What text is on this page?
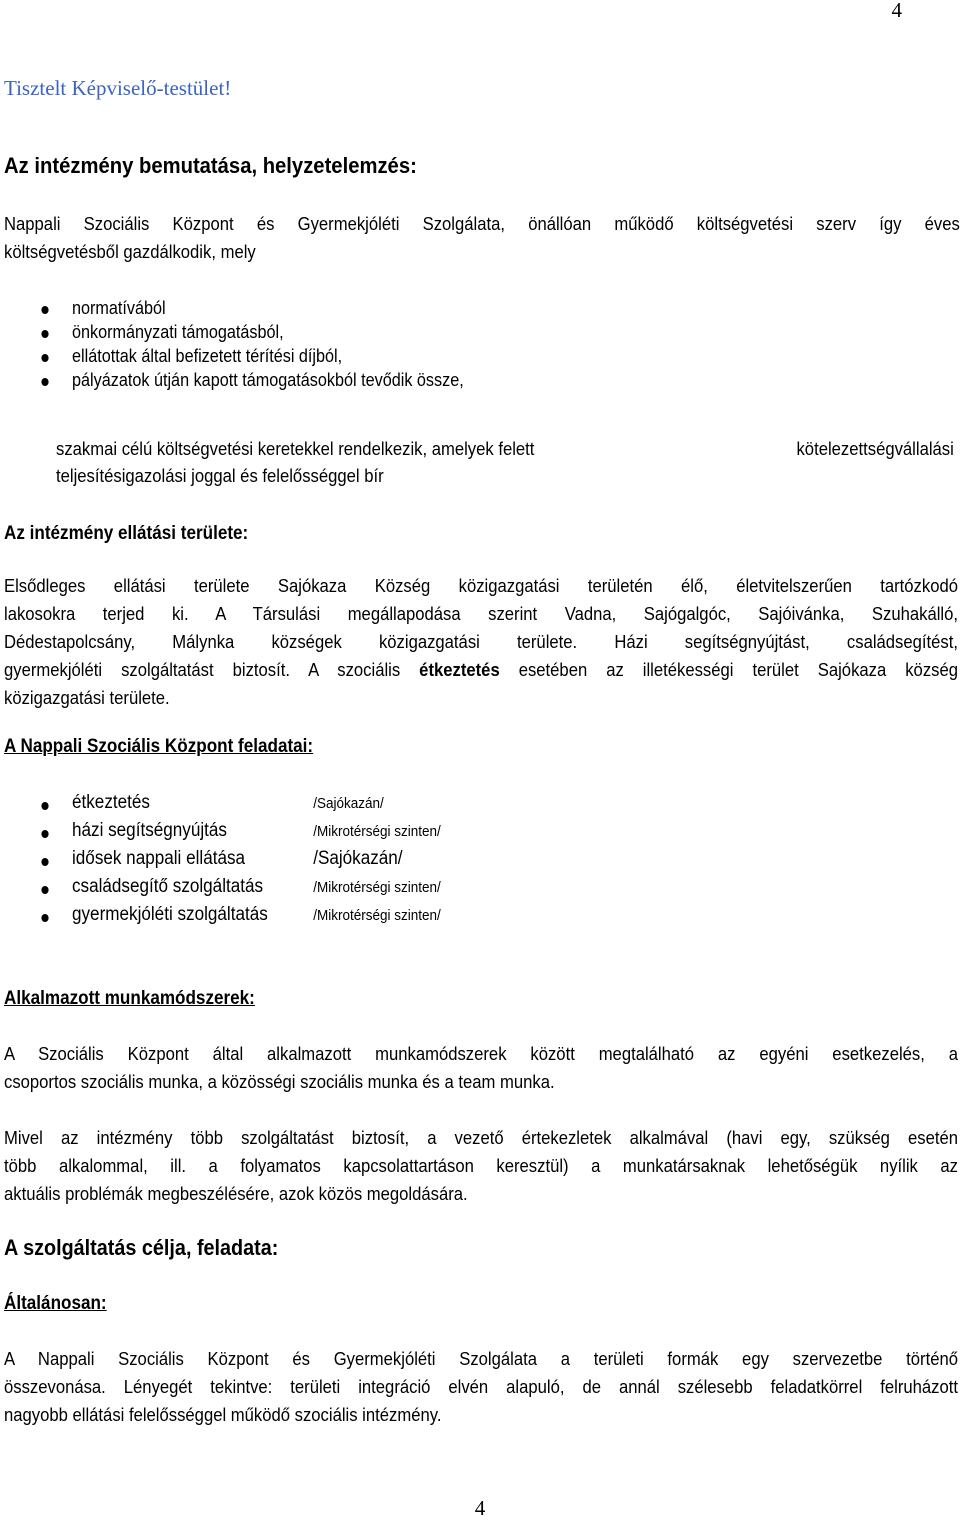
4
Tisztelt Képviselő-testület!
Az intézmény bemutatása, helyzetelemzés:
Nappali Szociális Központ és Gyermekjóléti Szolgálata, önállóan működő költségvetési szerv így éves
költségvetésből gazdálkodik, mely
normatívából
önkormányzati támogatásból,
ellátottak által befizetett térítési díjból,
pályázatok útján kapott támogatásokból tevődik össze,
szakmai célú költségvetési keretekkel rendelkezik, amelyek felett	kötelezettségvállalási
teljesítésigazolási joggal és felelősséggel bír
Az intézmény ellátási területe:
Elsődleges ellátási területe Sajókaza Község közigazgatási területén élő, életvitelszerűen tartózkodó
lakosokra terjed ki. A Társulási megállapodása szerint Vadna, Sajógalgóc, Sajóivánka, Szuhakálló,
Dédestapolcsány, Málynka községek közigazgatási területe. Házi segítségnyújtást, családsegítést,
gyermekjóléti szolgáltatást biztosít. A szociális étkeztetés esetében az illetékességi terület Sajókaza község
közigazgatási területe.
A Nappali Szociális Központ feladatai:
étkeztetés	/Sajókazán/
házi segítségnyújtás	/Mikrotérségi szinten/
idősek nappali ellátása	/Sajókazán/
családsegítő szolgáltatás	/Mikrotérségi szinten/
gyermekjóléti szolgáltatás	/Mikrotérségi szinten/
Alkalmazott munkamódszerek:
A Szociális Központ által alkalmazott munkamódszerek között megtalálható az egyéni esetkezelés, a
csoportos szociális munka, a közösségi szociális munka és a team munka.
Mivel az intézmény több szolgáltatást biztosít, a vezető értekezletek alkalmával (havi egy, szükség esetén
több alkalommal, ill. a folyamatos kapcsolattartáson keresztül) a munkatársaknak lehetőségük nyílik az
aktuális problémák megbeszélésére, azok közös megoldására.
A szolgáltatás célja, feladata:
Általánosan:
A Nappali Szociális Központ és Gyermekjóléti Szolgálata a területi formák egy szervezetbe történő
összevonása. Lényegét tekintve: területi integráció elvén alapuló, de annál szélesebb feladatkörrel felruházott
nagyobb ellátási felelősséggel működő szociális intézmény.
4
